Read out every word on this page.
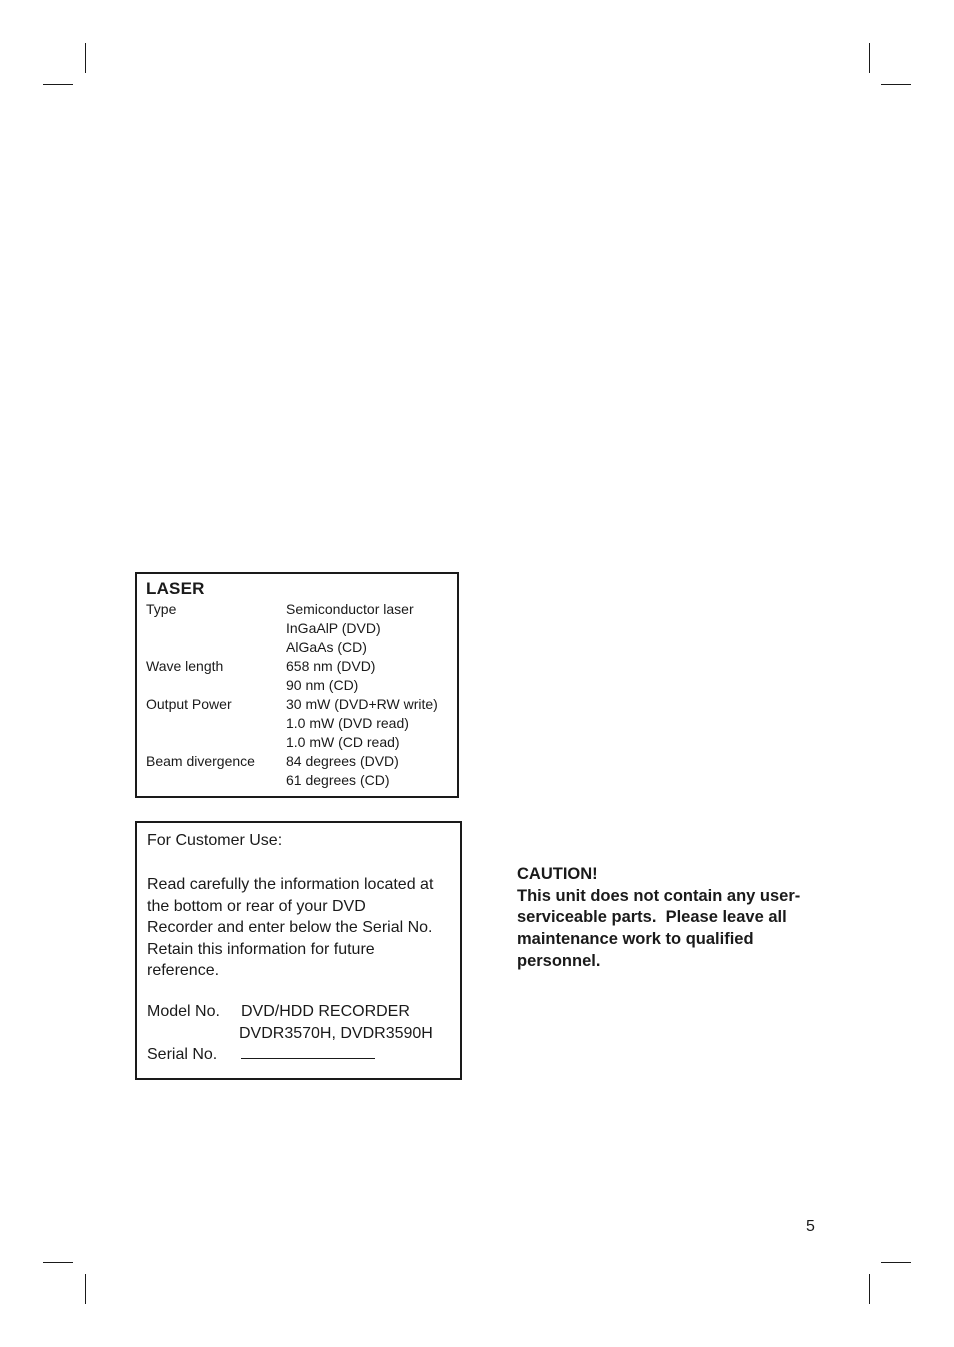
LASER
Type	Semiconductor laser
InGaAlP (DVD)
AlGaAs (CD)
Wave length	658 nm (DVD)
90 nm (CD)
Output Power	30 mW (DVD+RW write)
1.0 mW (DVD read)
1.0 mW (CD read)
Beam divergence	84 degrees (DVD)
61 degrees (CD)
For Customer Use:
Read carefully the information located at
the bottom or rear of your DVD
Recorder and enter below the Serial No.
Retain this information for future
reference.
Model No.	DVD/HDD RECORDER
DVDR3570H, DVDR3590H
Serial No.
CAUTION!
This unit does not contain any user-
serviceable parts.  Please leave all
maintenance work to qualified
personnel.
5
